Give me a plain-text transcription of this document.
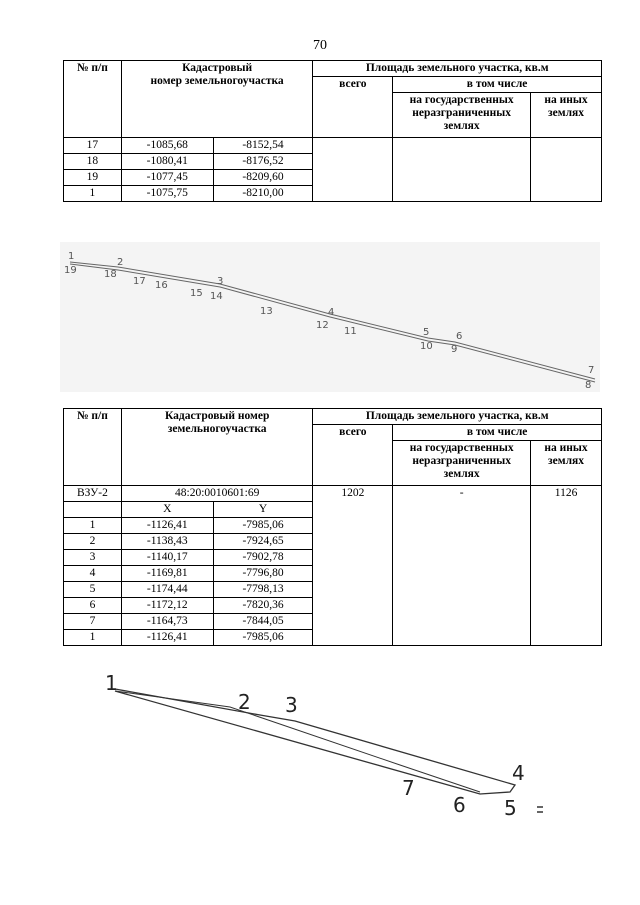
70
№ п/п	Кадастровый
номер земельногоучастка		Площадь земельного участка, кв.м		
			всего	в том числе	
				на государственных неразграниченных землях	на иных землях
17	-1085,68	-8152,54			
18	-1080,41	-8176,52			
19	-1077,45	-8209,60			
1	-1075,75	-8210,00			
1
19
2
18
17 16	3
15 14
13	4
12
11	5
10
6
9
7
8
№ п/п	Кадастровый номер
земельногоучастка		Площадь земельного участка, кв.м		
			всего	в том числе	
				на государственных неразграниченных землях	на иных землях
ВЗУ-2	48:20:0010601:69		1202	-	1126
	X	Y			
1	-1126,41	-7985,06			
2	-1138,43	-7924,65			
3	-1140,17	-7902,78			
4	-1169,81	-7796,80			
5	-1174,44	-7798,13			
6	-1172,12	-7820,36			
7	-1164,73	-7844,05			
1	-1126,41	-7985,06			
1
2 3
4
7
6 5
